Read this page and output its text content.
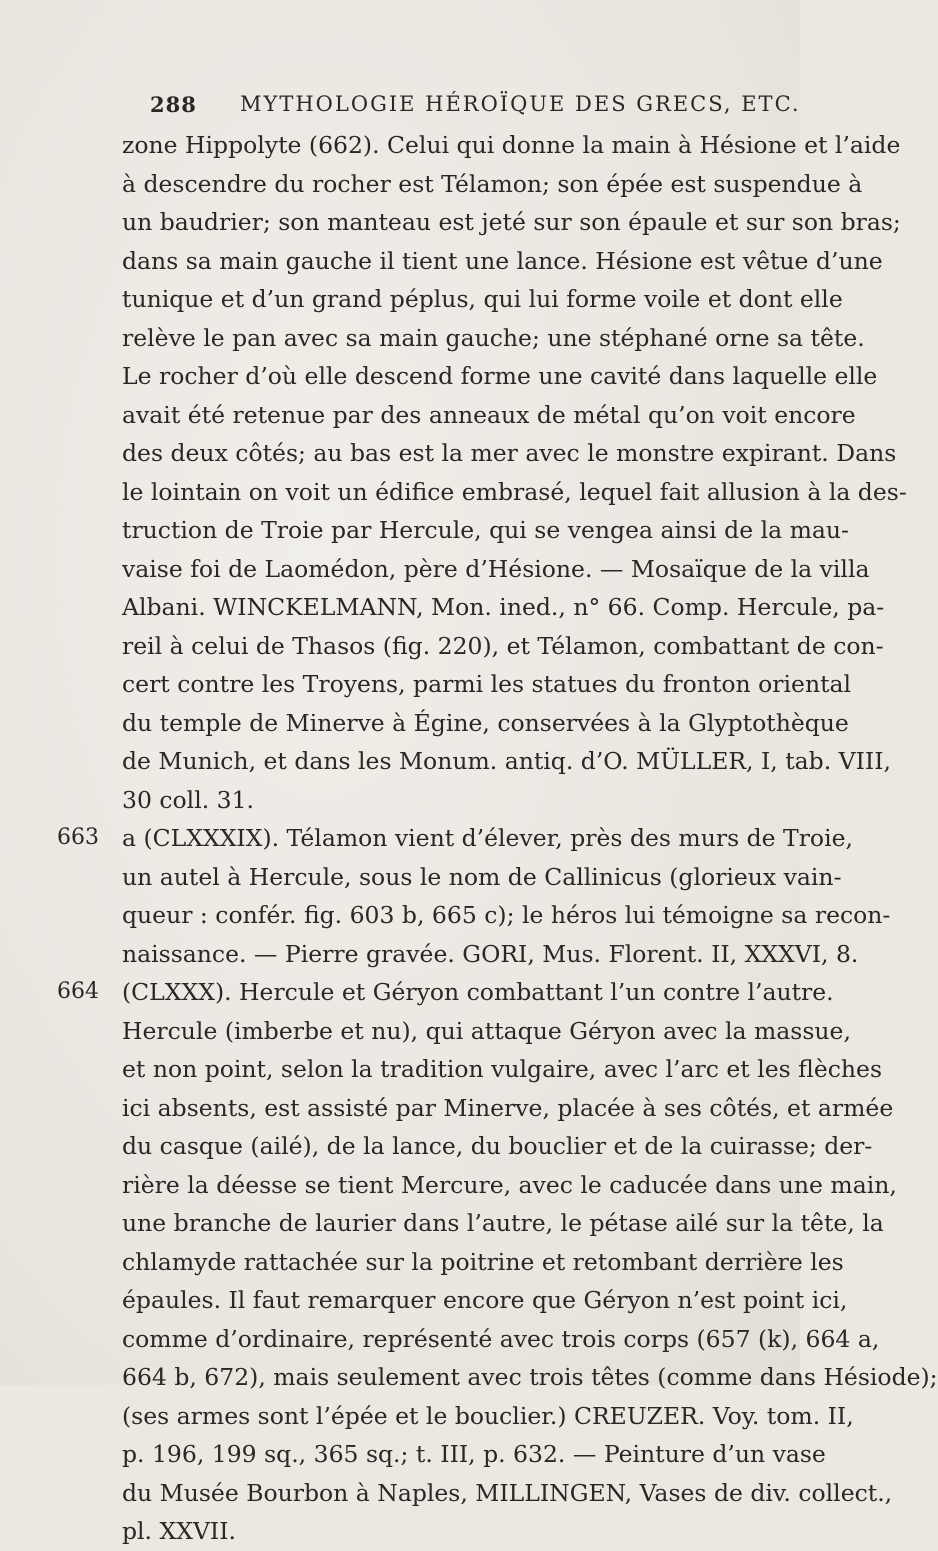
288 MYTHOLOGIE HÉROÏQUE DES GRECS, ETC.
zone Hippolyte (662). Celui qui donne la main à Hésione et l’aide
à descendre du rocher est Télamon; son épée est suspendue à
un baudrier; son manteau est jeté sur son épaule et sur son bras;
dans sa main gauche il tient une lance. Hésione est vêtue d’une
tunique et d’un grand péplus, qui lui forme voile et dont elle
relève le pan avec sa main gauche; une stéphané orne sa tête.
Le rocher d’où elle descend forme une cavité dans laquelle elle
avait été retenue par des anneaux de métal qu’on voit encore
des deux côtés; au bas est la mer avec le monstre expirant. Dans
le lointain on voit un édifice embrasé, lequel fait allusion à la des-
truction de Troie par Hercule, qui se vengea ainsi de la mau-
vaise foi de Laomédon, père d’Hésione. — Mosaïque de la villa
Albani. WINCKELMANN, Mon. ined., n° 66. Comp. Hercule, pa-
reil à celui de Thasos (fig. 220), et Télamon, combattant de con-
cert contre les Troyens, parmi les statues du fronton oriental
du temple de Minerve à Égine, conservées à la Glyptothèque
de Munich, et dans les Monum. antiq. d’O. MÜLLER, I, tab. VIII,
30 coll. 31.
663 a (CLXXXIX). Télamon vient d’élever, près des murs de Troie,
un autel à Hercule, sous le nom de Callinicus (glorieux vain-
queur : confér. fig. 603 b, 665 c); le héros lui témoigne sa recon-
naissance. — Pierre gravée. GORI, Mus. Florent. II, XXXVI, 8.
664 (CLXXX). Hercule et Géryon combattant l’un contre l’autre.
Hercule (imberbe et nu), qui attaque Géryon avec la massue,
et non point, selon la tradition vulgaire, avec l’arc et les flèches
ici absents, est assisté par Minerve, placée à ses côtés, et armée
du casque (ailé), de la lance, du bouclier et de la cuirasse; der-
rière la déesse se tient Mercure, avec le caducée dans une main,
une branche de laurier dans l’autre, le pétase ailé sur la tête, la
chlamyde rattachée sur la poitrine et retombant derrière les
épaules. Il faut remarquer encore que Géryon n’est point ici,
comme d’ordinaire, représenté avec trois corps (657 (k), 664 a,
664 b, 672), mais seulement avec trois têtes (comme dans Hésiode);
(ses armes sont l’épée et le bouclier.) CREUZER. Voy. tom. II,
p. 196, 199 sq., 365 sq.; t. III, p. 632. — Peinture d’un vase
du Musée Bourbon à Naples, MILLINGEN, Vases de div. collect.,
pl. XXVII.
